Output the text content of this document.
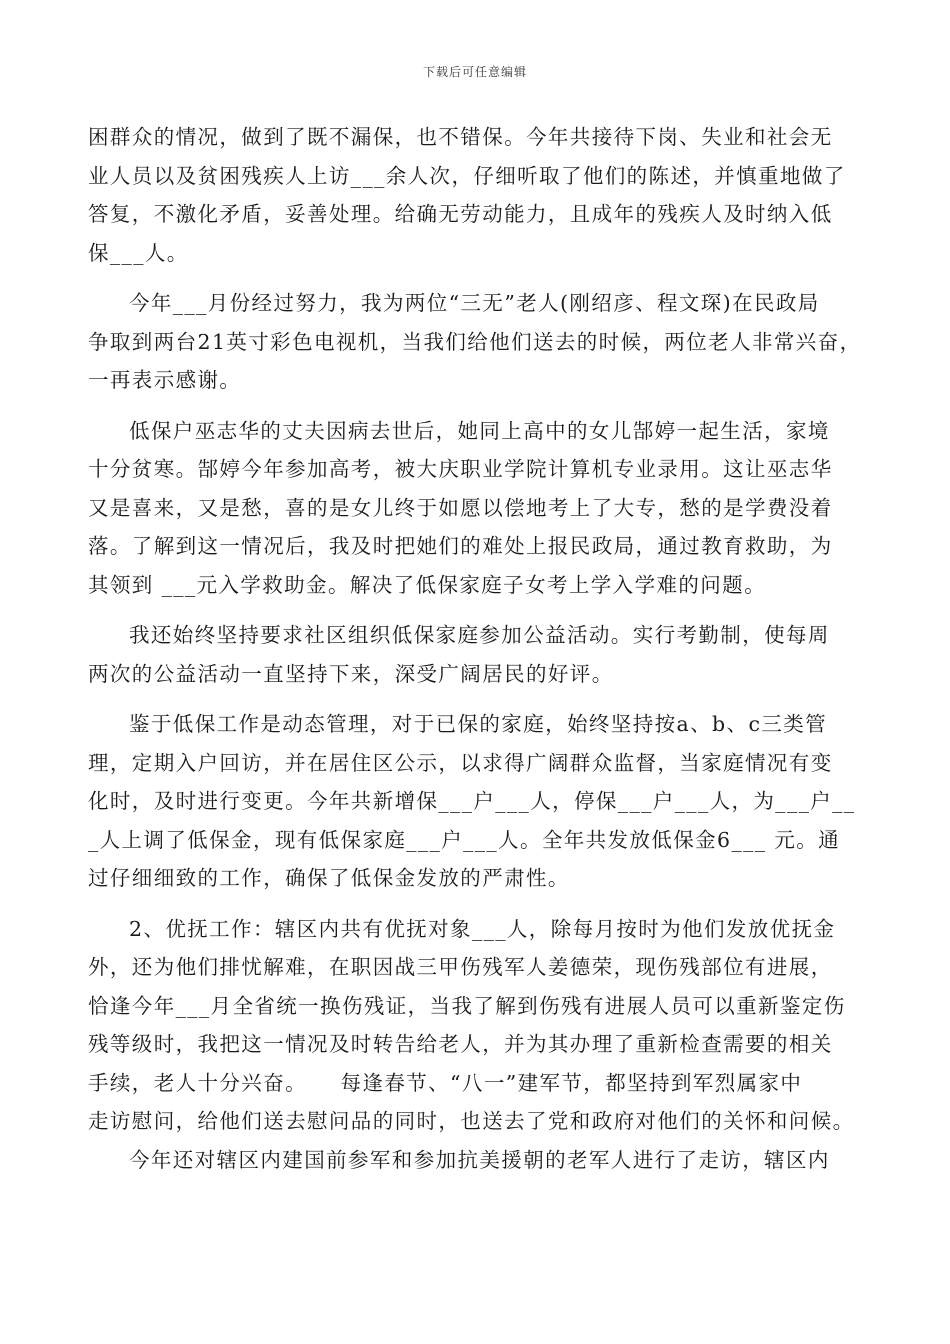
下载后可任意编辑

困群众的情况，做到了既不漏保，也不错保。今年共接待下岗、失业和社会无
业人员以及贫困残疾人上访___余人次，仔细听取了他们的陈述，并慎重地做了
答复，不激化矛盾，妥善处理。给确无劳动能力，且成年的残疾人及时纳入低
保___人。

今年___月份经过努力，我为两位“三无”老人(刚绍彦、程文琛)在民政局
争取到两台21英寸彩色电视机，当我们给他们送去的时候，两位老人非常兴奋，
一再表示感谢。

低保户巫志华的丈夫因病去世后，她同上高中的女儿郜婷一起生活，家境
十分贫寒。郜婷今年参加高考，被大庆职业学院计算机专业录用。这让巫志华
又是喜来，又是愁，喜的是女儿终于如愿以偿地考上了大专，愁的是学费没着
落。了解到这一情况后，我及时把她们的难处上报民政局，通过教育救助，为
其领到 ___元入学救助金。解决了低保家庭子女考上学入学难的问题。

我还始终坚持要求社区组织低保家庭参加公益活动。实行考勤制，使每周
两次的公益活动一直坚持下来，深受广阔居民的好评。

鉴于低保工作是动态管理，对于已保的家庭，始终坚持按a、b、c三类管
理，定期入户回访，并在居住区公示，以求得广阔群众监督，当家庭情况有变
化时，及时进行变更。今年共新增保___户___人，停保___户___人，为___户__
_人上调了低保金，现有低保家庭___户___人。全年共发放低保金6___ 元。通
过仔细细致的工作，确保了低保金发放的严肃性。

2、优抚工作：辖区内共有优抚对象___人，除每月按时为他们发放优抚金
外，还为他们排忧解难，在职因战三甲伤残军人姜德荣，现伤残部位有进展，
恰逢今年___月全省统一换伤残证，当我了解到伤残有进展人员可以重新鉴定伤
残等级时，我把这一情况及时转告给老人，并为其办理了重新检查需要的相关
手续，老人十分兴奋。　　每逢春节、“八一”建军节，都坚持到军烈属家中
走访慰问，给他们送去慰问品的同时，也送去了党和政府对他们的关怀和问候。

今年还对辖区内建国前参军和参加抗美援朝的老军人进行了走访，辖区内
